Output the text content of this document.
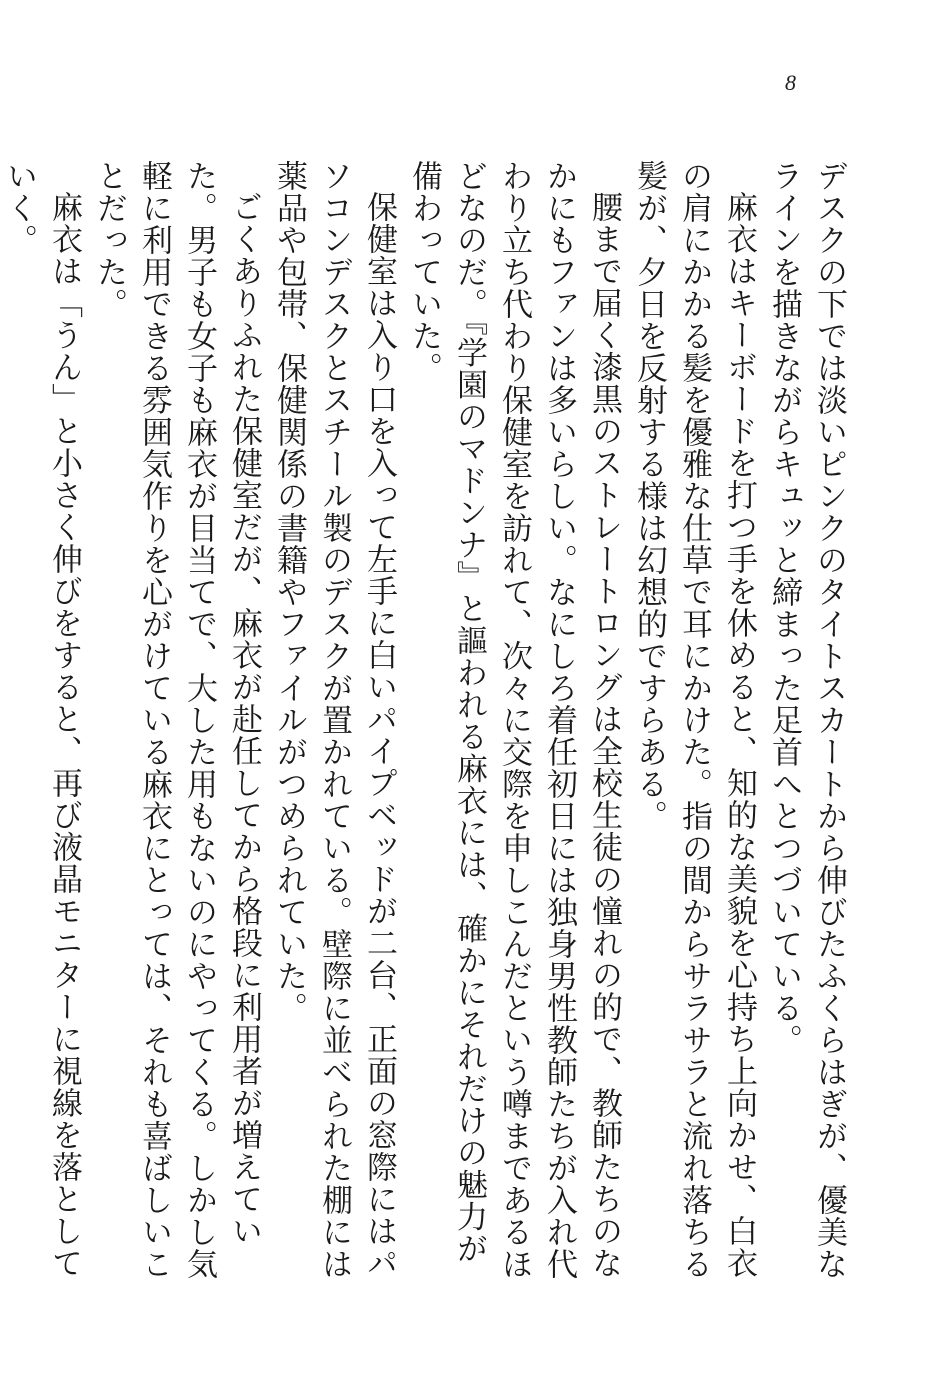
8

デスクの下では淡いピンクのタイトスカートから伸びたふくらはぎが、優美なラインを描きながらキュッと締まった足首へとつづいている。

麻衣はキーボードを打つ手を休めると、知的な美貌を心持ち上向かせ、白衣の肩にかかる髪を優雅な仕草で耳にかけた。指の間からサラサラと流れ落ちる髪が、夕日を反射する様は幻想的ですらある。

腰まで届く漆黒のストレートロングは全校生徒の憧れの的で、教師たちのなかにもファンは多いらしい。なにしろ着任初日には独身男性教師たちが入れ代わり立ち代わり保健室を訪れて、次々に交際を申しこんだという噂まであるほどなのだ。『学園のマドンナ』と謳われる麻衣には、確かにそれだけの魅力が備わっていた。

保健室は入り口を入って左手に白いパイプベッドが二台、正面の窓際にはパソコンデスクとスチール製のデスクが置かれている。壁際に並べられた棚には薬品や包帯、保健関係の書籍やファイルがつめられていた。

ごくありふれた保健室だが、麻衣が赴任してから格段に利用者が増えていた。男子も女子も麻衣が目当てで、大した用もないのにやってくる。しかし気軽に利用できる雰囲気作りを心がけている麻衣にとっては、それも喜ばしいことだった。

麻衣は「うん」と小さく伸びをすると、再び液晶モニターに視線を落としていく。
